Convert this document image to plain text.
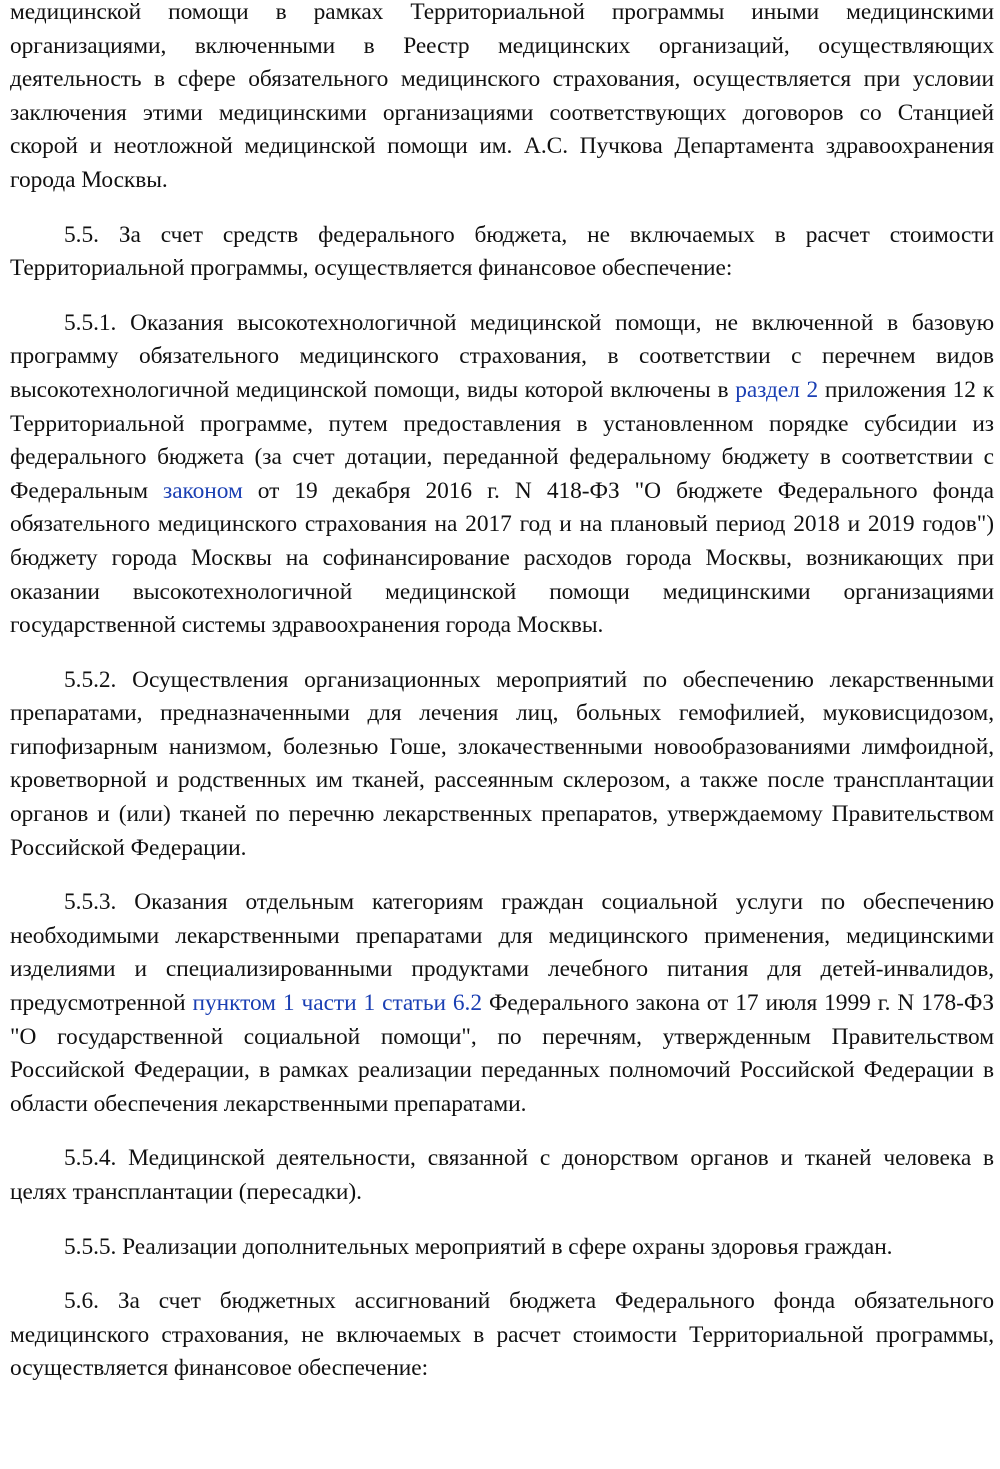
медицинской помощи в рамках Территориальной программы иными медицинскими организациями, включенными в Реестр медицинских организаций, осуществляющих деятельность в сфере обязательного медицинского страхования, осуществляется при условии заключения этими медицинскими организациями соответствующих договоров со Станцией скорой и неотложной медицинской помощи им. А.С. Пучкова Департамента здравоохранения города Москвы.

5.5. За счет средств федерального бюджета, не включаемых в расчет стоимости Территориальной программы, осуществляется финансовое обеспечение:

5.5.1. Оказания высокотехнологичной медицинской помощи, не включенной в базовую программу обязательного медицинского страхования, в соответствии с перечнем видов высокотехнологичной медицинской помощи, виды которой включены в раздел 2 приложения 12 к Территориальной программе, путем предоставления в установленном порядке субсидии из федерального бюджета (за счет дотации, переданной федеральному бюджету в соответствии с Федеральным законом от 19 декабря 2016 г. N 418-ФЗ "О бюджете Федерального фонда обязательного медицинского страхования на 2017 год и на плановый период 2018 и 2019 годов") бюджету города Москвы на софинансирование расходов города Москвы, возникающих при оказании высокотехнологичной медицинской помощи медицинскими организациями государственной системы здравоохранения города Москвы.

5.5.2. Осуществления организационных мероприятий по обеспечению лекарственными препаратами, предназначенными для лечения лиц, больных гемофилией, муковисцидозом, гипофизарным нанизмом, болезнью Гоше, злокачественными новообразованиями лимфоидной, кроветворной и родственных им тканей, рассеянным склерозом, а также после трансплантации органов и (или) тканей по перечню лекарственных препаратов, утверждаемому Правительством Российской Федерации.

5.5.3. Оказания отдельным категориям граждан социальной услуги по обеспечению необходимыми лекарственными препаратами для медицинского применения, медицинскими изделиями и специализированными продуктами лечебного питания для детей-инвалидов, предусмотренной пунктом 1 части 1 статьи 6.2 Федерального закона от 17 июля 1999 г. N 178-ФЗ "О государственной социальной помощи", по перечням, утвержденным Правительством Российской Федерации, в рамках реализации переданных полномочий Российской Федерации в области обеспечения лекарственными препаратами.

5.5.4. Медицинской деятельности, связанной с донорством органов и тканей человека в целях трансплантации (пересадки).

5.5.5. Реализации дополнительных мероприятий в сфере охраны здоровья граждан.

5.6. За счет бюджетных ассигнований бюджета Федерального фонда обязательного медицинского страхования, не включаемых в расчет стоимости Территориальной программы, осуществляется финансовое обеспечение:
